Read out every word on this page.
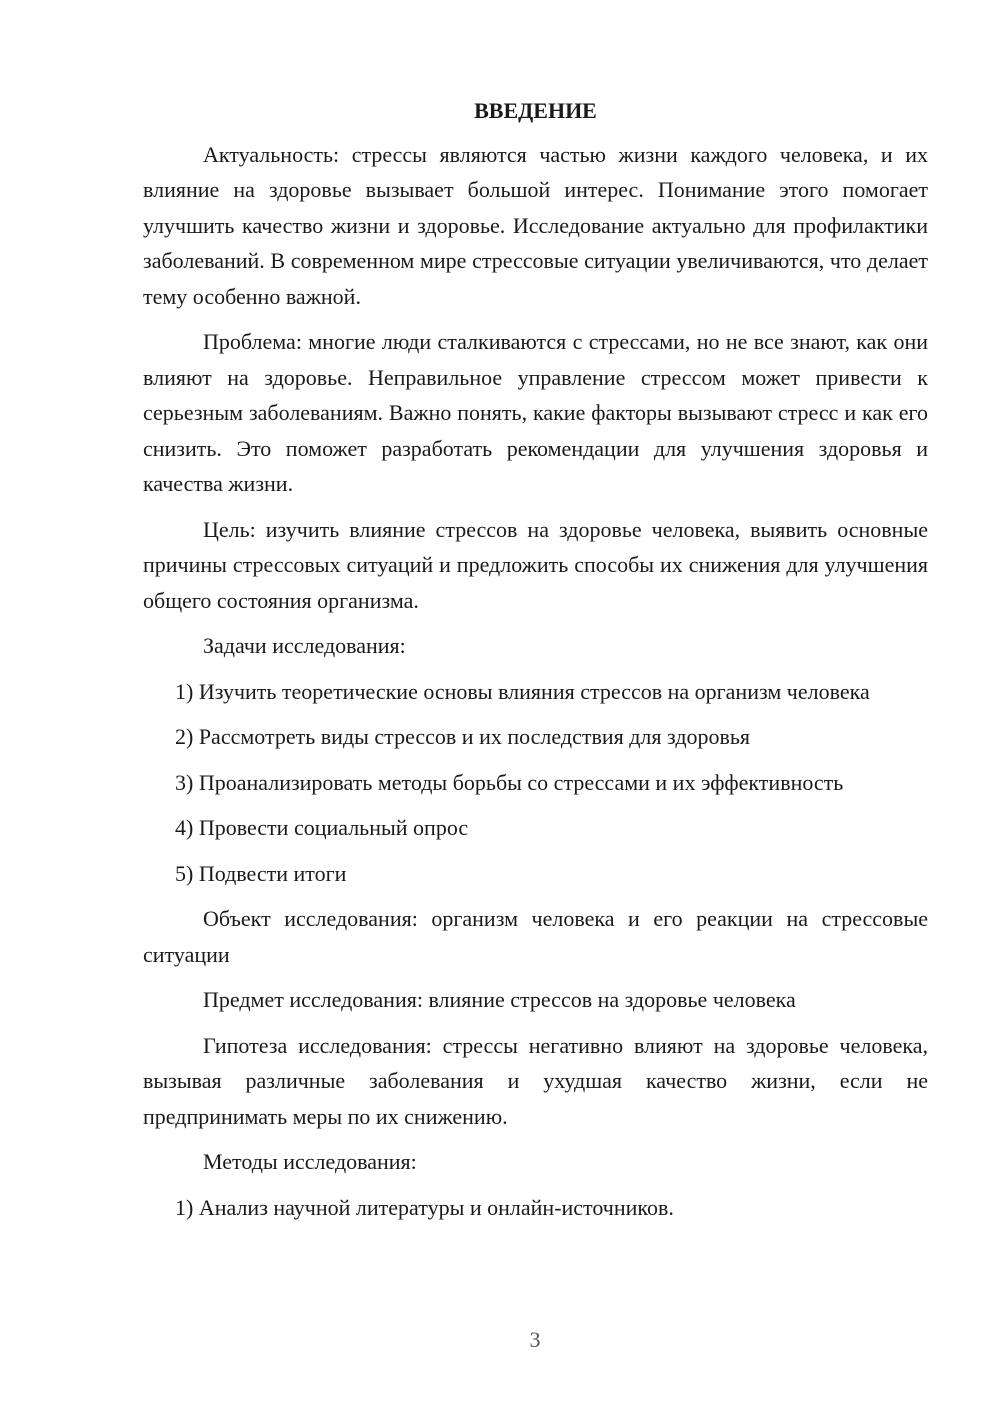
ВВЕДЕНИЕ

Актуальность: стрессы являются частью жизни каждого человека, и их влияние на здоровье вызывает большой интерес. Понимание этого помогает улучшить качество жизни и здоровье. Исследование актуально для профилактики заболеваний. В современном мире стрессовые ситуации увеличиваются, что делает тему особенно важной.

Проблема: многие люди сталкиваются с стрессами, но не все знают, как они влияют на здоровье. Неправильное управление стрессом может привести к серьезным заболеваниям. Важно понять, какие факторы вызывают стресс и как его снизить. Это поможет разработать рекомендации для улучшения здоровья и качества жизни.

Цель: изучить влияние стрессов на здоровье человека, выявить основные причины стрессовых ситуаций и предложить способы их снижения для улучшения общего состояния организма.

Задачи исследования:

1) Изучить теоретические основы влияния стрессов на организм человека

2) Рассмотреть виды стрессов и их последствия для здоровья

3) Проанализировать методы борьбы со стрессами и их эффективность

4) Провести социальный опрос

5) Подвести итоги

Объект исследования: организм человека и его реакции на стрессовые ситуации

Предмет исследования: влияние стрессов на здоровье человека

Гипотеза исследования: стрессы негативно влияют на здоровье человека, вызывая различные заболевания и ухудшая качество жизни, если не предпринимать меры по их снижению.

Методы исследования:

1) Анализ научной литературы и онлайн-источников.

3
